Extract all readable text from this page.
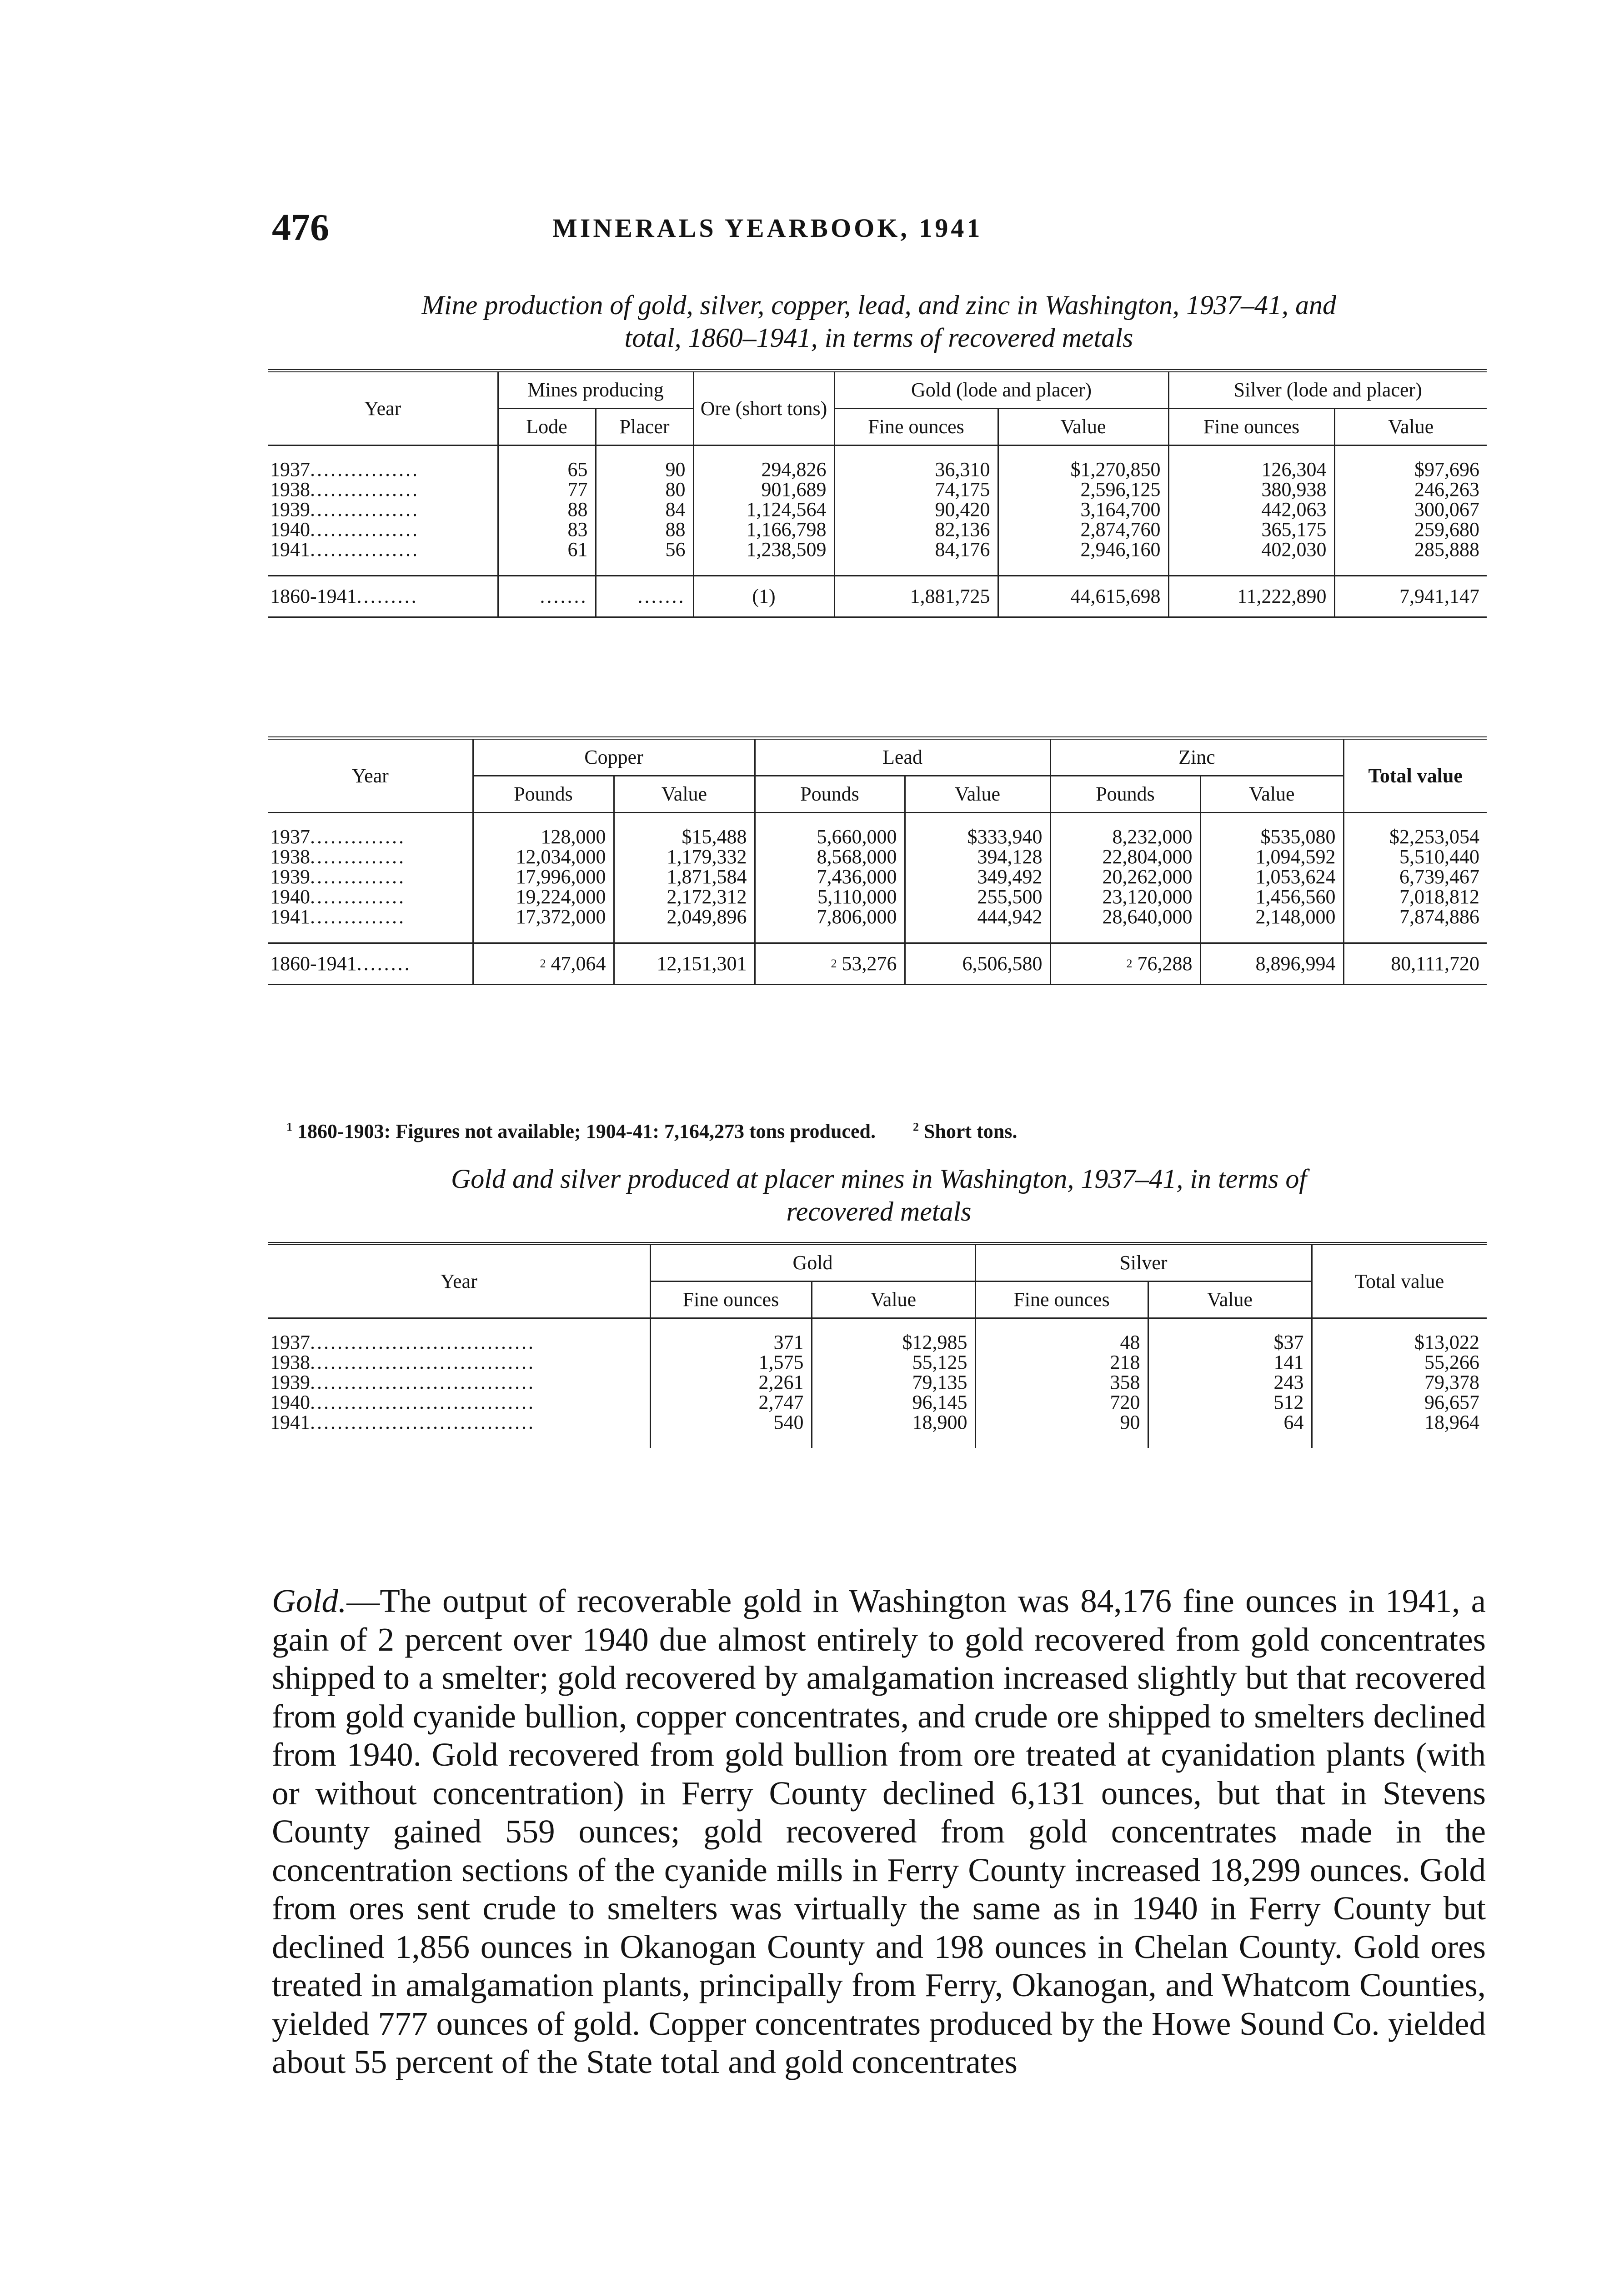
476	MINERALS YEARBOOK, 1941
Mine production of gold, silver, copper, lead, and zinc in Washington, 1937–41, and
total, 1860–1941, in terms of recovered metals
Year	Mines producing		Ore (short tons)	Gold (lode and placer)		Silver (lode and placer)	
	Lode	Placer		Fine ounces	Value	Fine ounces	Value

1937................	65	90	294,826	36,310	$1,270,850	126,304	$97,696
1938................	77	80	901,689	74,175	2,596,125	380,938	246,263
1939................	88	84	1,124,564	90,420	3,164,700	442,063	300,067
1940................	83	88	1,166,798	82,136	2,874,760	365,175	259,680
1941................	61	56	1,238,509	84,176	2,946,160	402,030	285,888

1860-1941.........	.......	.......	(1)	1,881,725	44,615,698	11,222,890	7,941,147
Year	Copper		Lead		Zinc		Total value
	Pounds	Value	Pounds	Value	Pounds	Value	

1937..............	128,000	$15,488	5,660,000	$333,940	8,232,000	$535,080	$2,253,054
1938..............	12,034,000	1,179,332	8,568,000	394,128	22,804,000	1,094,592	5,510,440
1939..............	17,996,000	1,871,584	7,436,000	349,492	20,262,000	1,053,624	6,739,467
1940..............	19,224,000	2,172,312	5,110,000	255,500	23,120,000	1,456,560	7,018,812
1941..............	17,372,000	2,049,896	7,806,000	444,942	28,640,000	2,148,000	7,874,886

1860-1941........	$^2$ 47,064	12,151,301	$^2$ 53,276	6,506,580	$^2$ 76,288	8,896,994	80,111,720
$^1$ 1860-1903: Figures not available; 1904-41: 7,164,273 tons produced.	$^2$ Short tons.
Gold and silver produced at placer mines in Washington, 1937–41, in terms of
recovered metals
Year	Gold		Silver		Total value
	Fine ounces	Value	Fine ounces	Value	

1937.................................	371	$12,985	48	$37	$13,022
1938.................................	1,575	55,125	218	141	55,266
1939.................................	2,261	79,135	358	243	79,378
1940.................................	2,747	96,145	720	512	96,657
1941.................................	540	18,900	90	64	18,964

Gold.—The output of recoverable gold in Washington was 84,176 fine ounces in 1941, a gain of 2 percent over 1940 due almost entirely to gold recovered from gold concentrates shipped to a smelter; gold recovered by amalgamation increased slightly but that recovered from gold cyanide bullion, copper concentrates, and crude ore shipped to smelters declined from 1940. Gold recovered from gold bullion from ore treated at cyanidation plants (with or without concentration) in Ferry County declined 6,131 ounces, but that in Stevens County gained 559 ounces; gold recovered from gold concentrates made in the concentration sections of the cyanide mills in Ferry County increased 18,299 ounces. Gold from ores sent crude to smelters was virtually the same as in 1940 in Ferry County but declined 1,856 ounces in Okanogan County and 198 ounces in Chelan County. Gold ores treated in amalgamation plants, principally from Ferry, Okanogan, and Whatcom Counties, yielded 777 ounces of gold. Copper concentrates produced by the Howe Sound Co. yielded about 55 percent of the State total and gold concentrates
